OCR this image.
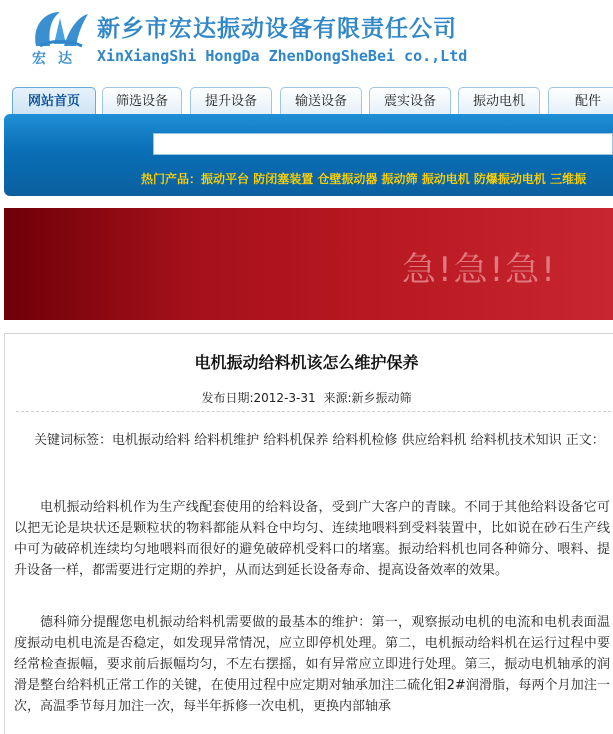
宏达
新乡市宏达振动设备有限责任公司
XinXiangShi HongDa ZhenDongSheBei co.,Ltd
网站首页	筛选设备	提升设备	输送设备	震实设备	振动电机	配件
热门产品：振动平台 防闭塞装置 仓壁振动器 振动筛 振动电机 防爆振动电机 三维振
急!急!急!
电机振动给料机该怎么维护保养
发布日期:2012-3-31 来源:新乡振动筛
关键词标签：电机振动给料 给料机维护 给料机保养 给料机检修 供应给料机 给料机技术知识 正文：
电机振动给料机作为生产线配套使用的给料设备，受到广大客户的青睐。不同于其他给料设备它可以把无论是块状还是颗粒状的物料都能从料仓中均匀、连续地喂料到受料装置中，比如说在砂石生产线中可为破碎机连续均匀地喂料而很好的避免破碎机受料口的堵塞。振动给料机也同各种筛分、喂料、提升设备一样，都需要进行定期的养护，从而达到延长设备寿命、提高设备效率的效果。
德科筛分提醒您电机振动给料机需要做的最基本的维护：第一，观察振动电机的电流和电机表面温度振动电机电流是否稳定，如发现异常情况，应立即停机处理。第二，电机振动给料机在运行过程中要经常检查振幅，要求前后振幅均匀，不左右摆摇，如有异常应立即进行处理。第三，振动电机轴承的润滑是整台给料机正常工作的关键，在使用过程中应定期对轴承加注二硫化钼2#润滑脂，每两个月加注一次，高温季节每月加注一次，每半年拆修一次电机，更换内部轴承
